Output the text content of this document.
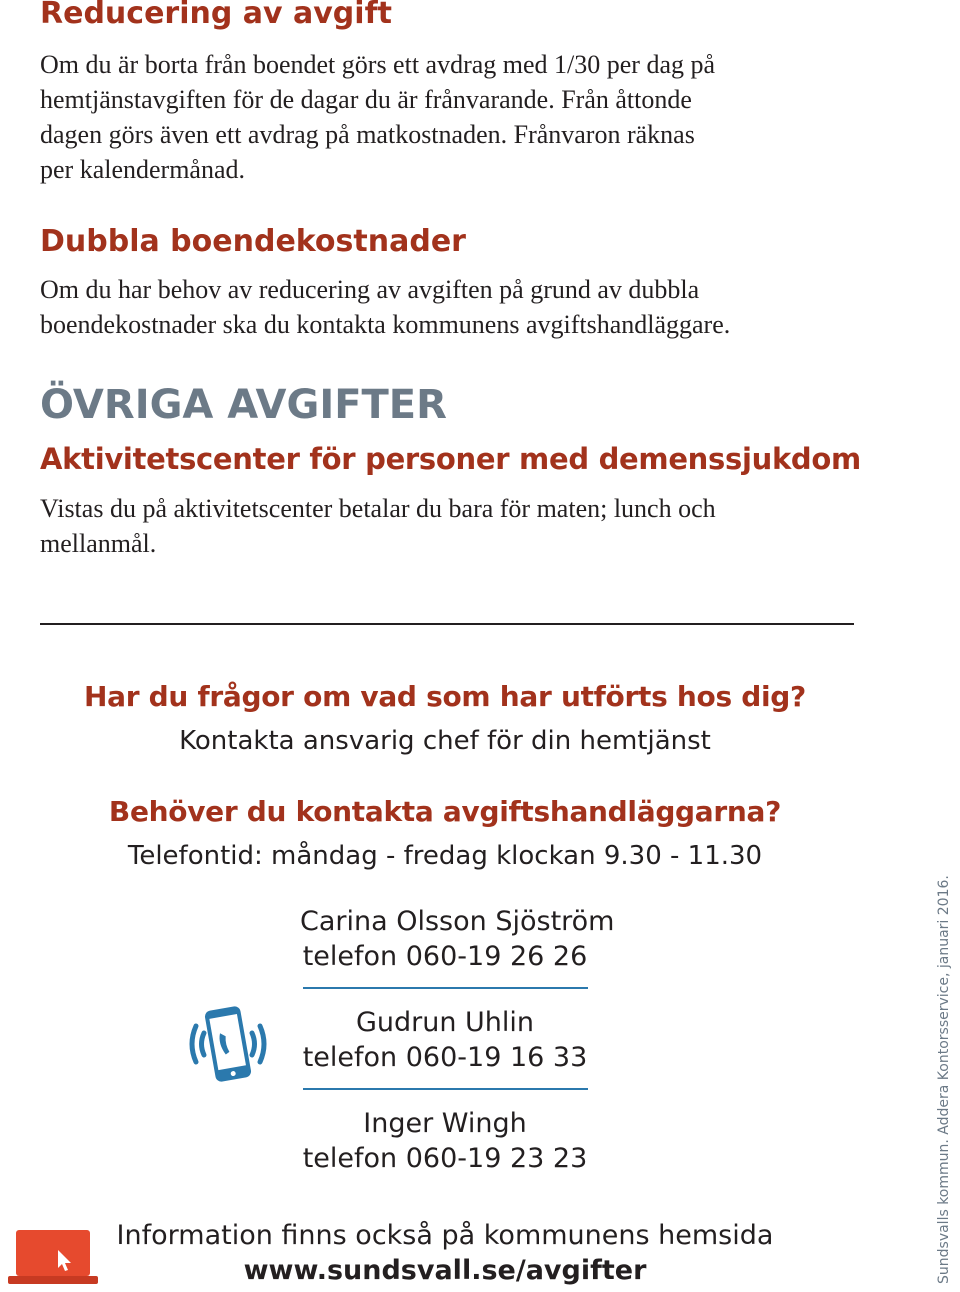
Reducering av avgift

Om du är borta från boendet görs ett avdrag med 1/30 per dag på
hemtjänstavgiften för de dagar du är frånvarande. Från åttonde
dagen görs även ett avdrag på matkostnaden. Frånvaron räknas
per kalendermånad.

Dubbla boendekostnader

Om du har behov av reducering av avgiften på grund av dubbla
boendekostnader ska du kontakta kommunens avgiftshandläggare.

ÖVRIGA AVGIFTER
Aktivitetscenter för personer med demenssjukdom

Vistas du på aktivitetscenter betalar du bara för maten; lunch och
mellanmål.

Har du frågor om vad som har utförts hos dig?
Kontakta ansvarig chef för din hemtjänst
Behöver du kontakta avgiftshandläggarna?
Telefontid: måndag - fredag klockan 9.30 - 11.30
Carina Olsson Sjöström
telefon 060-19 26 26
Gudrun Uhlin
telefon 060-19 16 33
Inger Wingh
telefon 060-19 23 23
Information finns också på kommunens hemsida
www.sundsvall.se/avgifter	Sundsvalls kommun. Addera Kontorsservice, januari 2016.
